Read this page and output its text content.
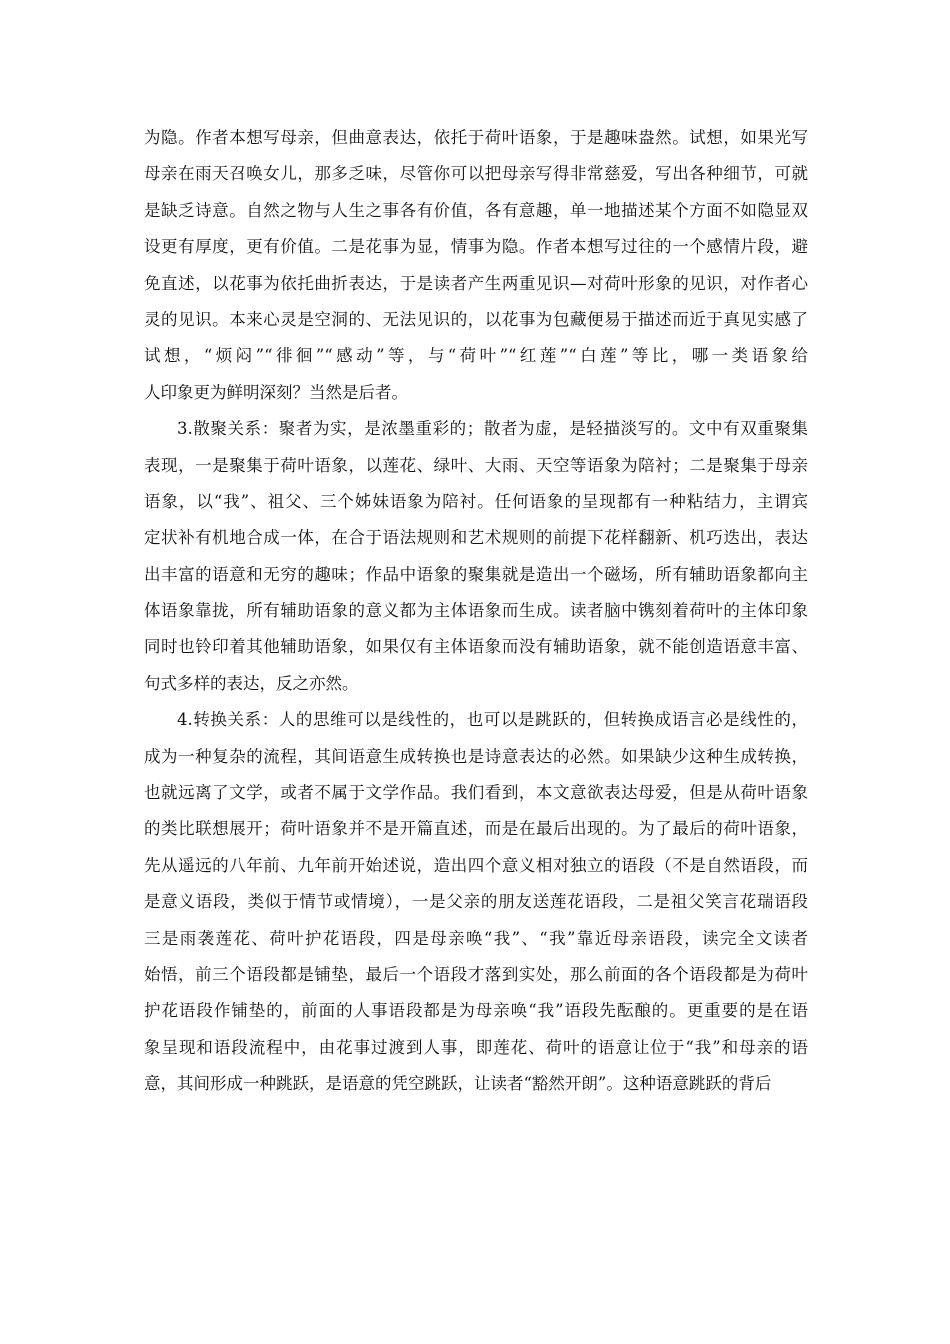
为隐。作者本想写母亲，但曲意表达，依托于荷叶语象，于是趣味盎然。试想，如果光写
母亲在雨天召唤女儿，那多乏味，尽管你可以把母亲写得非常慈爱，写出各种细节，可就
是缺乏诗意。自然之物与人生之事各有价值，各有意趣，单一地描述某个方面不如隐显双
设更有厚度，更有价值。二是花事为显，情事为隐。作者本想写过往的一个感情片段，避
免直述，以花事为依托曲折表达，于是读者产生两重见识—对荷叶形象的见识，对作者心
灵的见识。本来心灵是空洞的、无法见识的，以花事为包藏便易于描述而近于真见实感了
试想，“烦闷”“徘徊”“感动”等，与“荷叶”“红莲”“白莲”等比，哪一类语象给
人印象更为鲜明深刻？当然是后者。
3.散聚关系：聚者为实，是浓墨重彩的；散者为虚，是轻描淡写的。文中有双重聚集
表现，一是聚集于荷叶语象，以莲花、绿叶、大雨、天空等语象为陪衬；二是聚集于母亲
语象，以“我”、祖父、三个姊妹语象为陪衬。任何语象的呈现都有一种粘结力，主谓宾
定状补有机地合成一体，在合于语法规则和艺术规则的前提下花样翻新、机巧迭出，表达
出丰富的语意和无穷的趣味；作品中语象的聚集就是造出一个磁场，所有辅助语象都向主
体语象靠拢，所有辅助语象的意义都为主体语象而生成。读者脑中镌刻着荷叶的主体印象
同时也铃印着其他辅助语象，如果仅有主体语象而没有辅助语象，就不能创造语意丰富、
句式多样的表达，反之亦然。
4.转换关系：人的思维可以是线性的，也可以是跳跃的，但转换成语言必是线性的，
成为一种复杂的流程，其间语意生成转换也是诗意表达的必然。如果缺少这种生成转换，
也就远离了文学，或者不属于文学作品。我们看到，本文意欲表达母爱，但是从荷叶语象
的类比联想展开；荷叶语象并不是开篇直述，而是在最后出现的。为了最后的荷叶语象，
先从遥远的八年前、九年前开始述说，造出四个意义相对独立的语段（不是自然语段，而
是意义语段，类似于情节或情境），一是父亲的朋友送莲花语段，二是祖父笑言花瑞语段
三是雨袭莲花、荷叶护花语段，四是母亲唤“我”、“我”靠近母亲语段，读完全文读者
始悟，前三个语段都是铺垫，最后一个语段才落到实处，那么前面的各个语段都是为荷叶
护花语段作铺垫的，前面的人事语段都是为母亲唤“我”语段先酝酿的。更重要的是在语
象呈现和语段流程中，由花事过渡到人事，即莲花、荷叶的语意让位于“我”和母亲的语
意，其间形成一种跳跃，是语意的凭空跳跃，让读者“豁然开朗”。这种语意跳跃的背后
